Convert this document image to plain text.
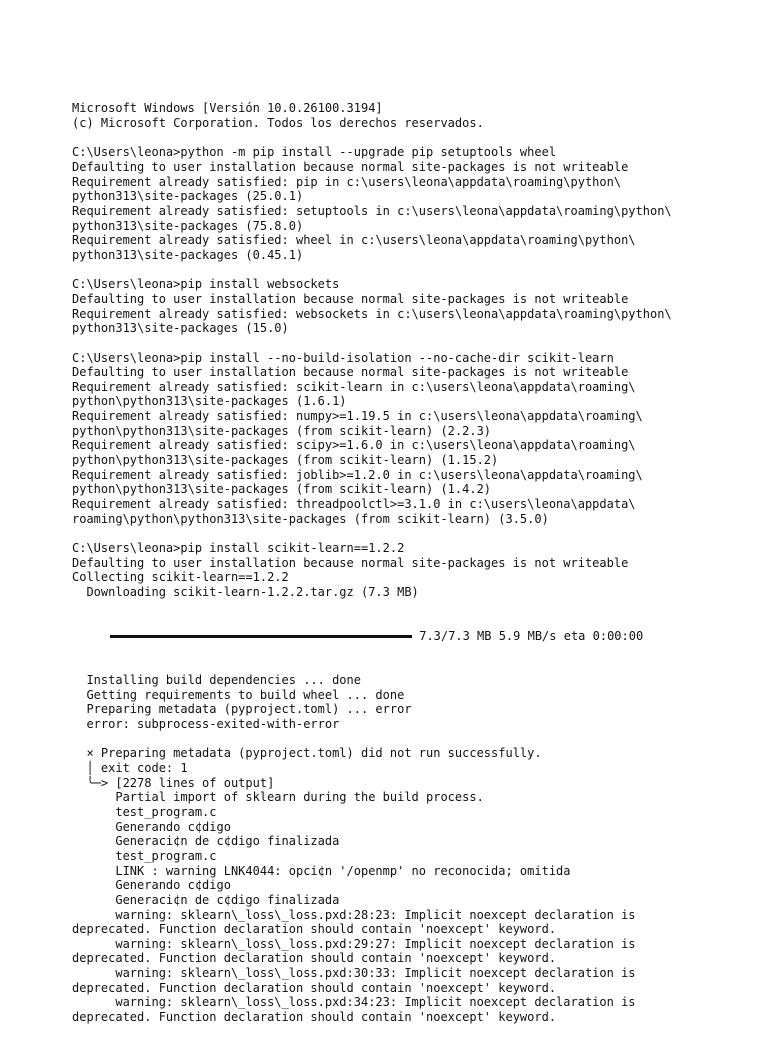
Microsoft Windows [Versión 10.0.26100.3194]
(c) Microsoft Corporation. Todos los derechos reservados.
C:\Users\leona>python -m pip install --upgrade pip setuptools wheel
Defaulting to user installation because normal site-packages is not writeable
Requirement already satisfied: pip in c:\users\leona\appdata\roaming\python\
python313\site-packages (25.0.1)
Requirement already satisfied: setuptools in c:\users\leona\appdata\roaming\python\
python313\site-packages (75.8.0)
Requirement already satisfied: wheel in c:\users\leona\appdata\roaming\python\
python313\site-packages (0.45.1)
C:\Users\leona>pip install websockets
Defaulting to user installation because normal site-packages is not writeable
Requirement already satisfied: websockets in c:\users\leona\appdata\roaming\python\
python313\site-packages (15.0)
C:\Users\leona>pip install --no-build-isolation --no-cache-dir scikit-learn
Defaulting to user installation because normal site-packages is not writeable
Requirement already satisfied: scikit-learn in c:\users\leona\appdata\roaming\
python\python313\site-packages (1.6.1)
Requirement already satisfied: numpy>=1.19.5 in c:\users\leona\appdata\roaming\
python\python313\site-packages (from scikit-learn) (2.2.3)
Requirement already satisfied: scipy>=1.6.0 in c:\users\leona\appdata\roaming\
python\python313\site-packages (from scikit-learn) (1.15.2)
Requirement already satisfied: joblib>=1.2.0 in c:\users\leona\appdata\roaming\
python\python313\site-packages (from scikit-learn) (1.4.2)
Requirement already satisfied: threadpoolctl>=3.1.0 in c:\users\leona\appdata\
roaming\python\python313\site-packages (from scikit-learn) (3.5.0)
C:\Users\leona>pip install scikit-learn==1.2.2
Defaulting to user installation because normal site-packages is not writeable
Collecting scikit-learn==1.2.2
Downloading scikit-learn-1.2.2.tar.gz (7.3 MB)

7.3/7.3 MB 5.9 MB/s eta 0:00:00

Installing build dependencies ... done
Getting requirements to build wheel ... done
Preparing metadata (pyproject.toml) ... error
error: subprocess-exited-with-error
× Preparing metadata (pyproject.toml) did not run successfully.
│ exit code: 1
╰─> [2278 lines of output]
Partial import of sklearn during the build process.
test_program.c
Generando c¢digo
Generaci¢n de c¢digo finalizada
test_program.c
LINK : warning LNK4044: opci¢n '/openmp' no reconocida; omitida
Generando c¢digo
Generaci¢n de c¢digo finalizada
warning: sklearn\_loss\_loss.pxd:28:23: Implicit noexcept declaration is
deprecated. Function declaration should contain 'noexcept' keyword.
warning: sklearn\_loss\_loss.pxd:29:27: Implicit noexcept declaration is
deprecated. Function declaration should contain 'noexcept' keyword.
warning: sklearn\_loss\_loss.pxd:30:33: Implicit noexcept declaration is
deprecated. Function declaration should contain 'noexcept' keyword.
warning: sklearn\_loss\_loss.pxd:34:23: Implicit noexcept declaration is
deprecated. Function declaration should contain 'noexcept' keyword.
